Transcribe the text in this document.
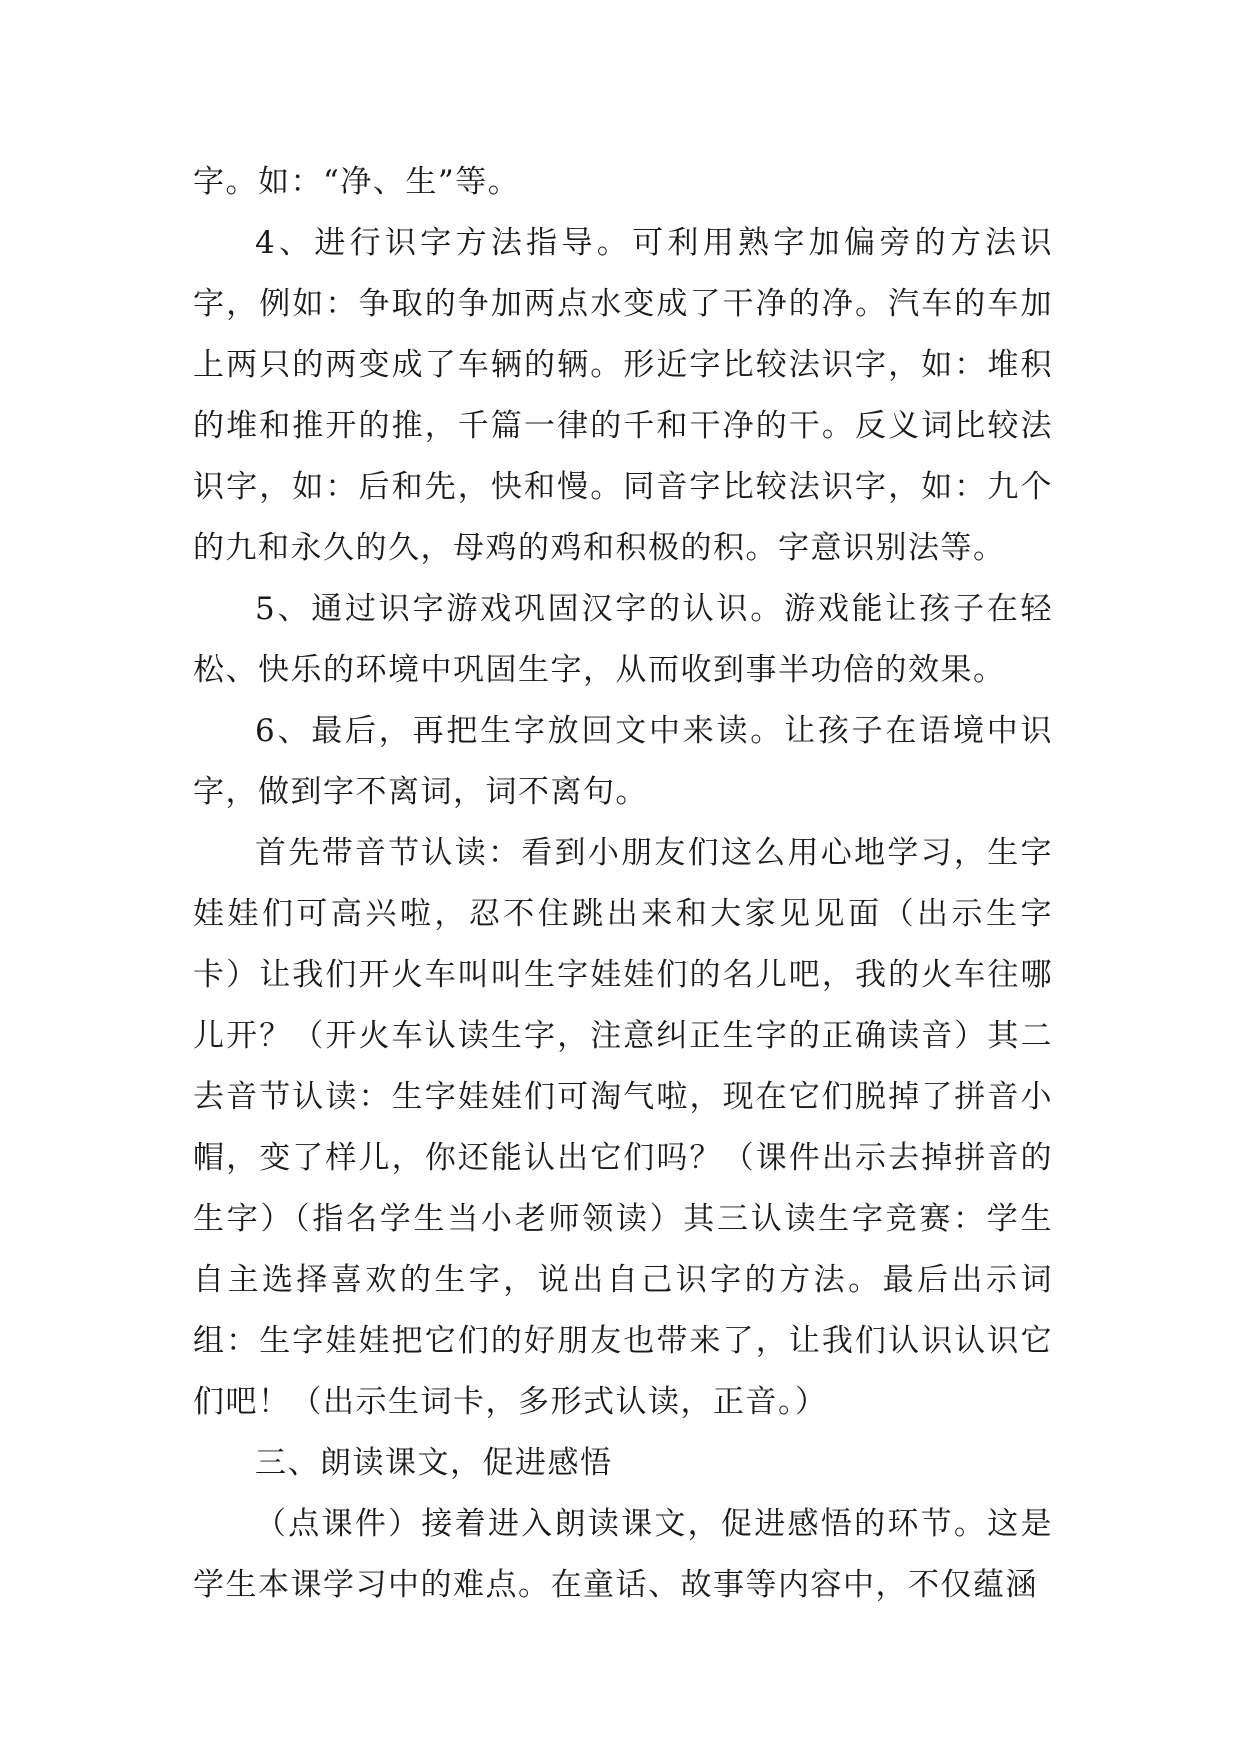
字。如：“净、生”等。

4、进行识字方法指导。可利用熟字加偏旁的方法识字，例如：争取的争加两点水变成了干净的净。汽车的车加上两只的两变成了车辆的辆。形近字比较法识字，如：堆积的堆和推开的推，千篇一律的千和干净的干。反义词比较法识字，如：后和先，快和慢。同音字比较法识字，如：九个的九和永久的久，母鸡的鸡和积极的积。字意识别法等。

5、通过识字游戏巩固汉字的认识。游戏能让孩子在轻松、快乐的环境中巩固生字，从而收到事半功倍的效果。

6、最后，再把生字放回文中来读。让孩子在语境中识字，做到字不离词，词不离句。

首先带音节认读：看到小朋友们这么用心地学习，生字娃娃们可高兴啦，忍不住跳出来和大家见见面（出示生字卡）让我们开火车叫叫生字娃娃们的名儿吧，我的火车往哪儿开？（开火车认读生字，注意纠正生字的正确读音）其二去音节认读：生字娃娃们可淘气啦，现在它们脱掉了拼音小帽，变了样儿，你还能认出它们吗？（课件出示去掉拼音的生字）（指名学生当小老师领读）其三认读生字竞赛：学生自主选择喜欢的生字，说出自己识字的方法。最后出示词组：生字娃娃把它们的好朋友也带来了，让我们认识认识它们吧！（出示生词卡，多形式认读，正音。）

三、朗读课文，促进感悟

（点课件）接着进入朗读课文，促进感悟的环节。这是学生本课学习中的难点。在童话、故事等内容中，不仅蕴涵
